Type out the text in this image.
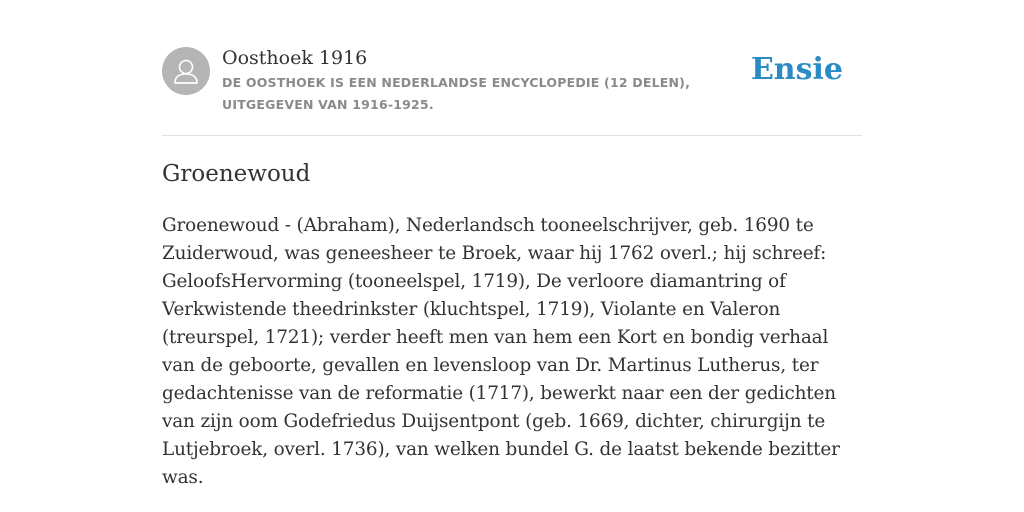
Oosthoek 1916
DE OOSTHOEK IS EEN NEDERLANDSE ENCYCLOPEDIE (12 DELEN), UITGEGEVEN VAN 1916-1925.
Ensie
Groenewoud

Groenewoud - (Abraham), Nederlandsch tooneelschrijver, geb. 1690 te Zuiderwoud, was geneesheer te Broek, waar hij 1762 overl.; hij schreef: GeloofsHervorming (tooneelspel, 1719), De verloore diamantring of Verkwistende theedrinkster (kluchtspel, 1719), Violante en Valeron (treurspel, 1721); verder heeft men van hem een Kort en bondig verhaal van de geboorte, gevallen en levensloop van Dr. Martinus Lutherus, ter gedachtenisse van de reformatie (1717), bewerkt naar een der gedichten van zijn oom Godefriedus Duijsentpont (geb. 1669, dichter, chirurgijn te Lutjebroek, overl. 1736), van welken bundel G. de laatst bekende bezitter was.
